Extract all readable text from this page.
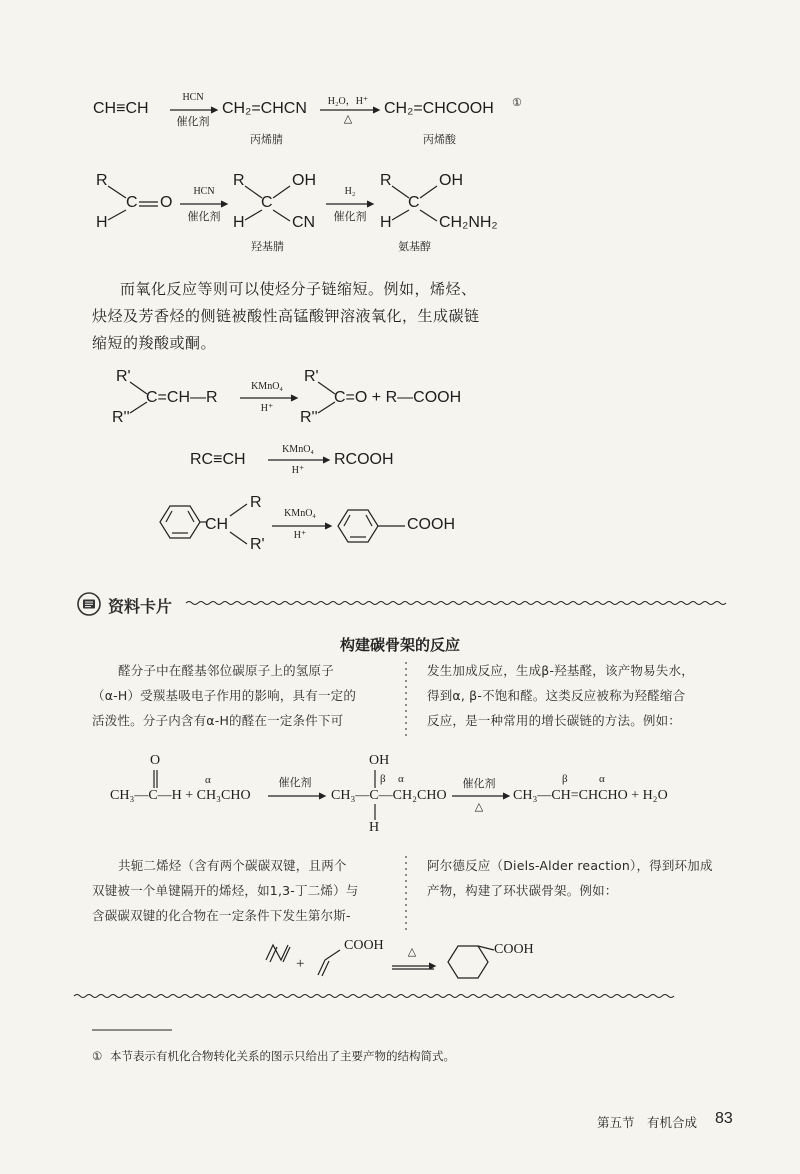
CH≡CH
HCN
催化剂
CH₂=CHCN	H₂O，H⁺
△
CH₂=CHCOOH ①
丙烯腈	丙烯酸
R
H
C O
HCN
催化剂
R
H
C
OH
CN
H₂
催化剂
R
H
C
OH
CH₂NH₂
羟基腈	氨基醇
而氧化反应等则可以使烃分子链缩短。例如，烯烃、
炔烃及芳香烃的侧链被酸性高锰酸钾溶液氧化，生成碳链
缩短的羧酸或酮。
R'
R''
C=CH—R
KMnO₄
H⁺
R'
R''
C=O + R—COOH
RC≡CH
KMnO₄
H⁺
RCOOH
CH
R
R'
KMnO₄
H⁺
COOH
资料卡片
构建碳骨架的反应
醛分子中在醛基邻位碳原子上的氢原子
（α-H）受羰基吸电子作用的影响，具有一定的
活泼性。分子内含有α-H的醛在一定条件下可
发生加成反应，生成β-羟基醛，该产物易失水，
得到α, β-不饱和醛。这类反应被称为羟醛缩合
反应，是一种常用的增长碳链的方法。例如：
O
CH₃—C—H + CH₃CHO
α	催化剂
OH
β α
CH₃—C—CH₂CHO
H
催化剂
△
β	α
CH₃—CH=CHCHO + H₂O
共轭二烯烃（含有两个碳碳双键，且两个
双键被一个单键隔开的烯烃，如1,3-丁二烯）与
含碳碳双键的化合物在一定条件下发生第尔斯-
阿尔德反应（Diels-Alder reaction），得到环加成
产物，构建了环状碳骨架。例如：
+
COOH	△	COOH
① 本节表示有机化合物转化关系的图示只给出了主要产物的结构简式。
第五节　有机合成 83
